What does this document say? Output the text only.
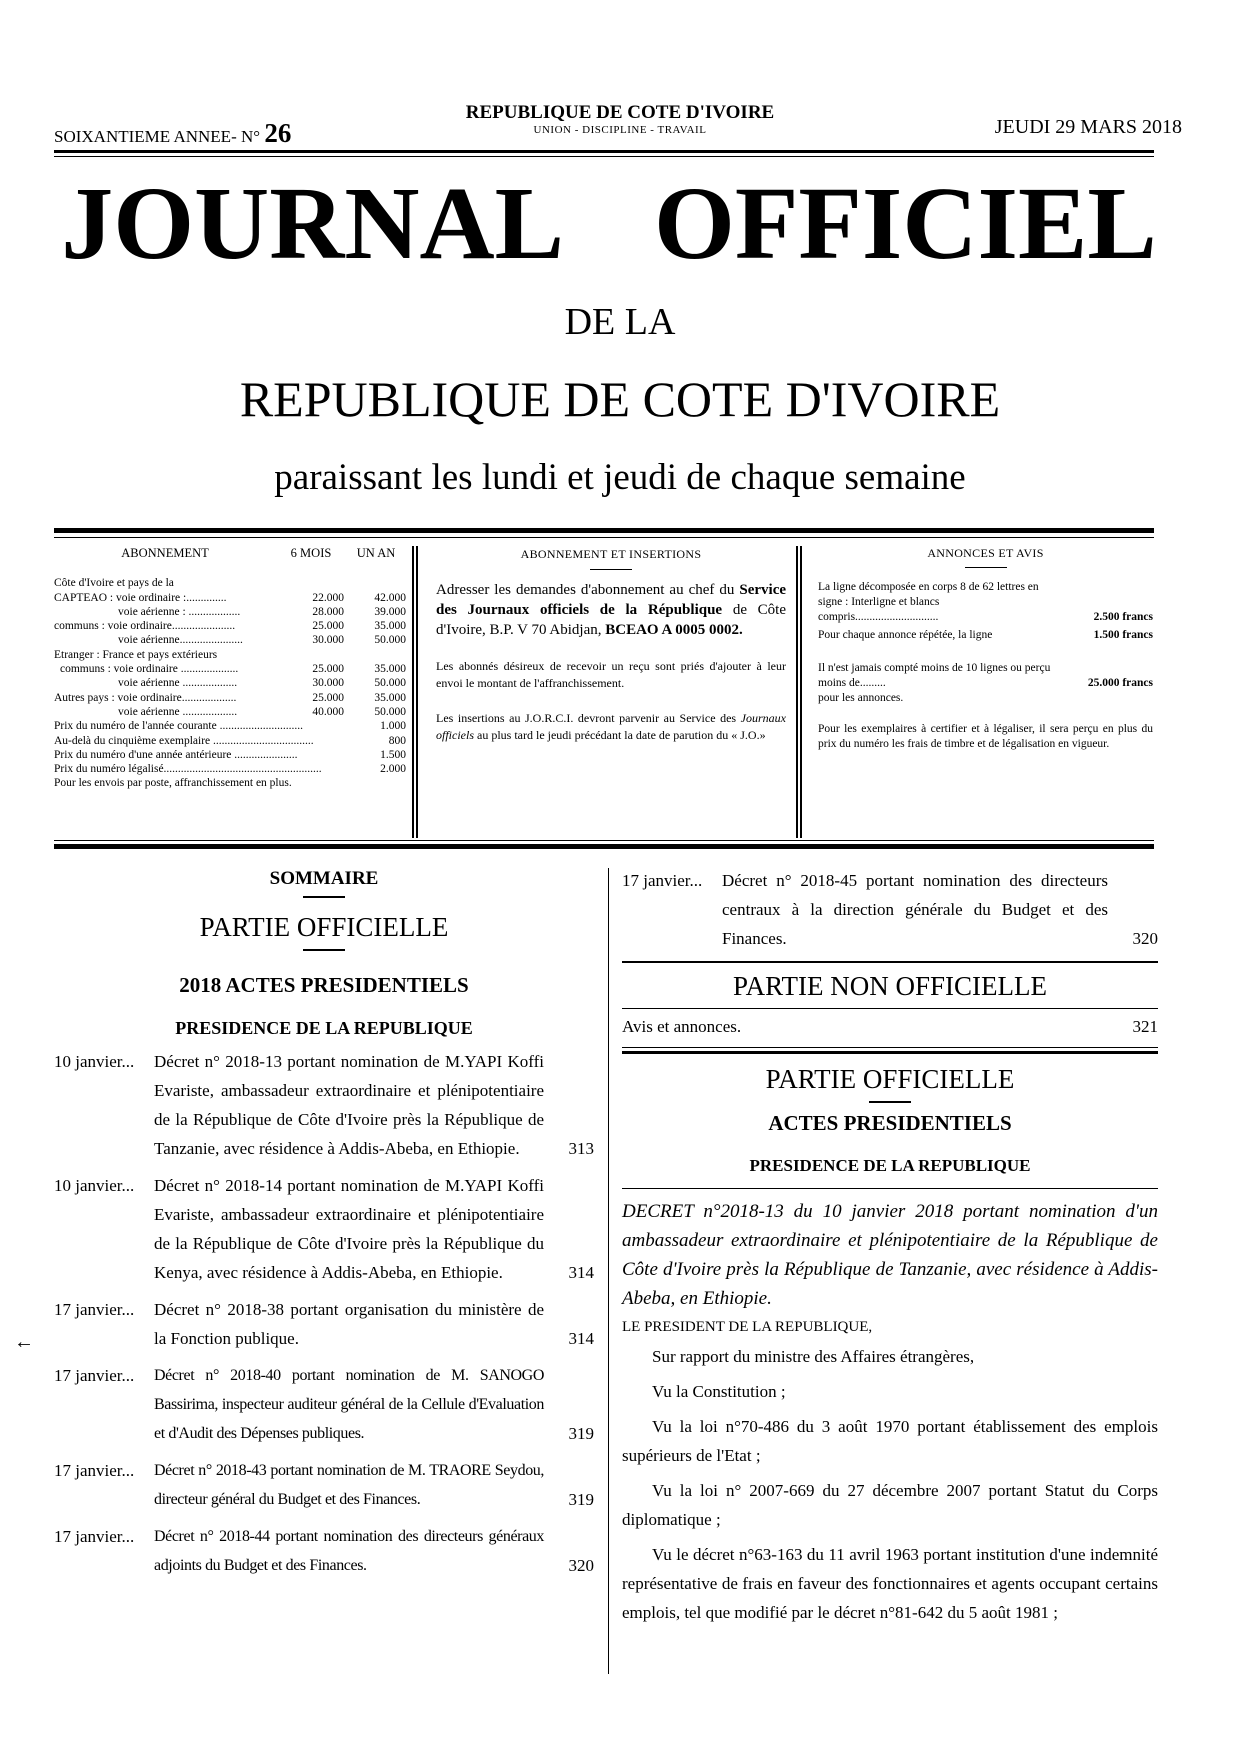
SOIXANTIEME ANNEE- N° 26
REPUBLIQUE DE COTE D'IVOIRE
UNION - DISCIPLINE - TRAVAIL	JEUDI 29 MARS 2018
JOURNAL OFFICIEL
DE LA
REPUBLIQUE DE COTE D'IVOIRE
paraissant les lundi et jeudi de chaque semaine
ABONNEMENT	6 MOIS	UN AN
Côte d'Ivoire et pays de la
CAPTEAO : voie ordinaire :..............	22.000	42.000
voie aérienne : ..................	28.000	39.000
communs : voie ordinaire......................	25.000	35.000
voie aérienne......................	30.000	50.000
Etranger : France et pays extérieurs
communs : voie ordinaire ....................	25.000	35.000
voie aérienne ...................	30.000	50.000
Autres pays : voie ordinaire...................	25.000	35.000
voie aérienne ...................	40.000	50.000
Prix du numéro de l'année courante .............................	1.000
Au-delà du cinquième exemplaire ...................................	800
Prix du numéro d'une année antérieure ......................	1.500
Prix du numéro légalisé.......................................................	2.000
Pour les envois par poste, affranchissement en plus.
ABONNEMENT ET INSERTIONS
Adresser les demandes d'abonnement au chef du Service des Journaux officiels de la République de Côte d'Ivoire, B.P. V 70 Abidjan, BCEAO A 0005 0002.
Les abonnés désireux de recevoir un reçu sont priés d'ajouter à leur envoi le montant de l'affranchissement.
Les insertions au J.O.R.C.I. devront parvenir au Service des Journaux officiels au plus tard le jeudi précédant la date de parution du « J.O.»
ANNONCES ET AVIS
La ligne décomposée en corps 8 de 62 lettres en signe : Interligne et blancs compris.............................	2.500 francs
Pour chaque annonce répétée, la ligne	1.500 francs
Il n'est jamais compté moins de 10 lignes ou perçu moins de.........	25.000 francs
pour les annonces.
Pour les exemplaires à certifier et à légaliser, il sera perçu en plus du prix du numéro les frais de timbre et de légalisation en vigueur.
SOMMAIRE
PARTIE OFFICIELLE
2018 ACTES PRESIDENTIELS
PRESIDENCE DE LA REPUBLIQUE
10 janvier...	Décret n° 2018-13 portant nomination de M.YAPI Koffi Evariste, ambassadeur extraordinaire et plénipotentiaire de la République de Côte d'Ivoire près la République de Tanzanie, avec résidence à Addis-Abeba, en Ethiopie.	313
10 janvier...	Décret n° 2018-14 portant nomination de M.YAPI Koffi Evariste, ambassadeur extraordinaire et plénipotentiaire de la République de Côte d'Ivoire près la République du Kenya, avec résidence à Addis-Abeba, en Ethiopie.	314
17 janvier...	Décret n° 2018-38 portant organisation du ministère de la Fonction publique.	314
17 janvier...	Décret n° 2018-40 portant nomination de M. SANOGO Bassirima, inspecteur auditeur général de la Cellule d'Evaluation et d'Audit des Dépenses publiques.	319
17 janvier...	Décret n° 2018-43 portant nomination de M. TRAORE Seydou, directeur général du Budget et des Finances.	319
17 janvier...	Décret n° 2018-44 portant nomination des directeurs généraux adjoints du Budget et des Finances.	320
←
17 janvier...	Décret n° 2018-45 portant nomination des directeurs centraux à la direction générale du Budget et des Finances.	320
PARTIE NON OFFICIELLE
Avis et annonces.	321
PARTIE OFFICIELLE
ACTES PRESIDENTIELS
PRESIDENCE DE LA REPUBLIQUE
DECRET n°2018-13 du 10 janvier 2018 portant nomination d'un ambassadeur extraordinaire et plénipotentiaire de la République de Côte d'Ivoire près la République de Tanzanie, avec résidence à Addis-Abeba, en Ethiopie.
LE PRESIDENT DE LA REPUBLIQUE,
Sur rapport du ministre des Affaires étrangères,
Vu la Constitution ;
Vu la loi n°70-486 du 3 août 1970 portant établissement des emplois supérieurs de l'Etat ;
Vu la loi n° 2007-669 du 27 décembre 2007 portant Statut du Corps diplomatique ;
Vu le décret n°63-163 du 11 avril 1963 portant institution d'une indemnité représentative de frais en faveur des fonctionnaires et agents occupant certains emplois, tel que modifié par le décret n°81-642 du 5 août 1981 ;
